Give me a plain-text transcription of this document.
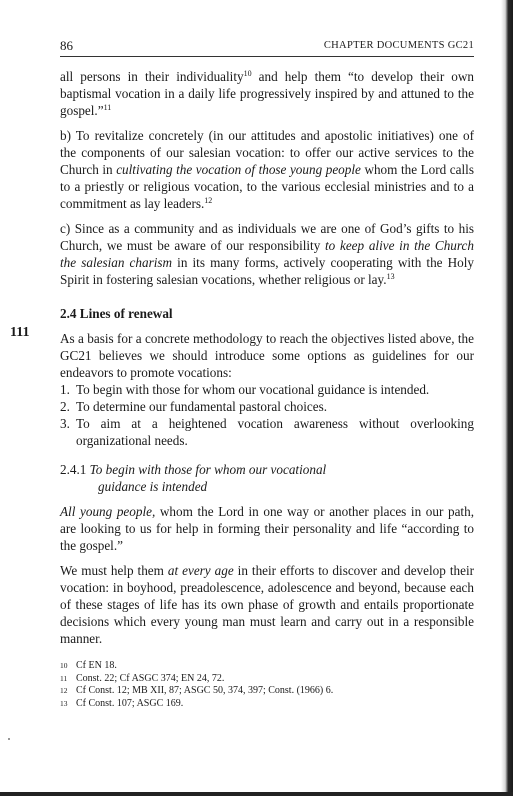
86	CHAPTER DOCUMENTS GC21
111

all persons in their individuality$^{10}$ and help them “to develop their own baptismal vocation in a daily life progressively inspired by and attuned to the gospel.”$^{11}$

b) To revitalize concretely (in our attitudes and apostolic initiatives) one of the components of our salesian vocation: to offer our active services to the Church in cultivating the vocation of those young people whom the Lord calls to a priestly or religious vocation, to the various ecclesial ministries and to a commitment as lay leaders.$^{12}$

c) Since as a community and as individuals we are one of God’s gifts to his Church, we must be aware of our responsibility to keep alive in the Church the salesian charism in its many forms, actively cooperating with the Holy Spirit in fostering salesian vocations, whether religious or lay.$^{13}$

2.4 Lines of renewal

As a basis for a concrete methodology to reach the objectives listed above, the GC21 believes we should introduce some options as guidelines for our endeavors to promote vocations:

1. To begin with those for whom our vocational guidance is intended.
2. To determine our fundamental pastoral choices.
3. To aim at a heightened vocation awareness without overlooking organizational needs.
2.4.1 To begin with those for whom our vocational
guidance is intended

All young people, whom the Lord in one way or another places in our path, are looking to us for help in forming their personality and life “according to the gospel.”

We must help them at every age in their efforts to discover and develop their vocation: in boyhood, preadolescence, adolescence and beyond, because each of these stages of life has its own phase of growth and entails proportionate decisions which every young man must learn and carry out in a responsible manner.

10 Cf EN 18.
11 Const. 22; Cf ASGC 374; EN 24, 72.
12 Cf Const. 12; MB XII, 87; ASGC 50, 374, 397; Const. (1966) 6.
13 Cf Const. 107; ASGC 169.
